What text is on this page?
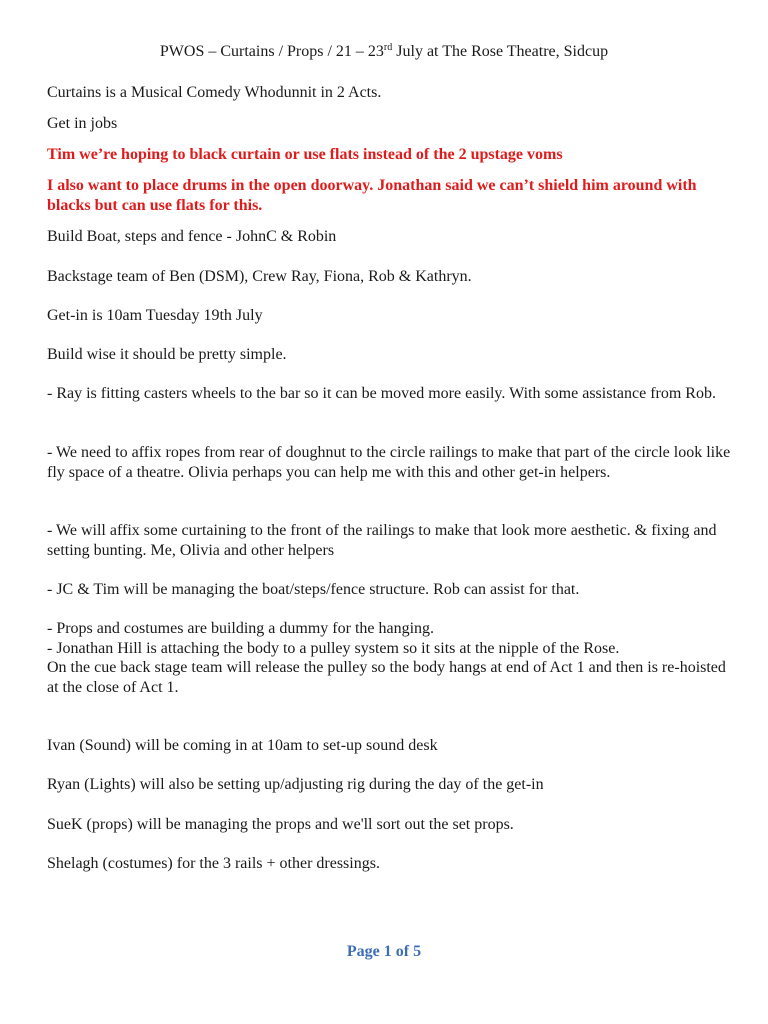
PWOS – Curtains / Props / 21 – 23rd July at The Rose Theatre, Sidcup

Curtains is a Musical Comedy Whodunnit in 2 Acts.

Get in jobs

Tim we’re hoping to black curtain or use flats instead of the 2 upstage voms

I also want to place drums in the open doorway. Jonathan said we can’t shield him around with blacks but can use flats for this.

Build Boat, steps and fence - JohnC & Robin

Backstage team of Ben (DSM), Crew Ray, Fiona, Rob & Kathryn.

Get-in is 10am Tuesday 19th July

Build wise it should be pretty simple.

- Ray is fitting casters wheels to the bar so it can be moved more easily. With some assistance from Rob.

- We need to affix ropes from rear of doughnut to the circle railings to make that part of the circle look like fly space of a theatre. Olivia perhaps you can help me with this and other get-in helpers.

- We will affix some curtaining to the front of the railings to make that look more aesthetic. & fixing and setting bunting. Me, Olivia and other helpers

- JC & Tim will be managing the boat/steps/fence structure. Rob can assist for that.

- Props and costumes are building a dummy for the hanging.

- Jonathan Hill is attaching the body to a pulley system so it sits at the nipple of the Rose.

On the cue back stage team will release the pulley so the body hangs at end of Act 1 and then is re-hoisted at the close of Act 1.

Ivan (Sound) will be coming in at 10am to set-up sound desk

Ryan (Lights) will also be setting up/adjusting rig during the day of the get-in

SueK (props) will be managing the props and we'll sort out the set props.

Shelagh (costumes) for the 3 rails + other dressings.

Page 1 of 5
